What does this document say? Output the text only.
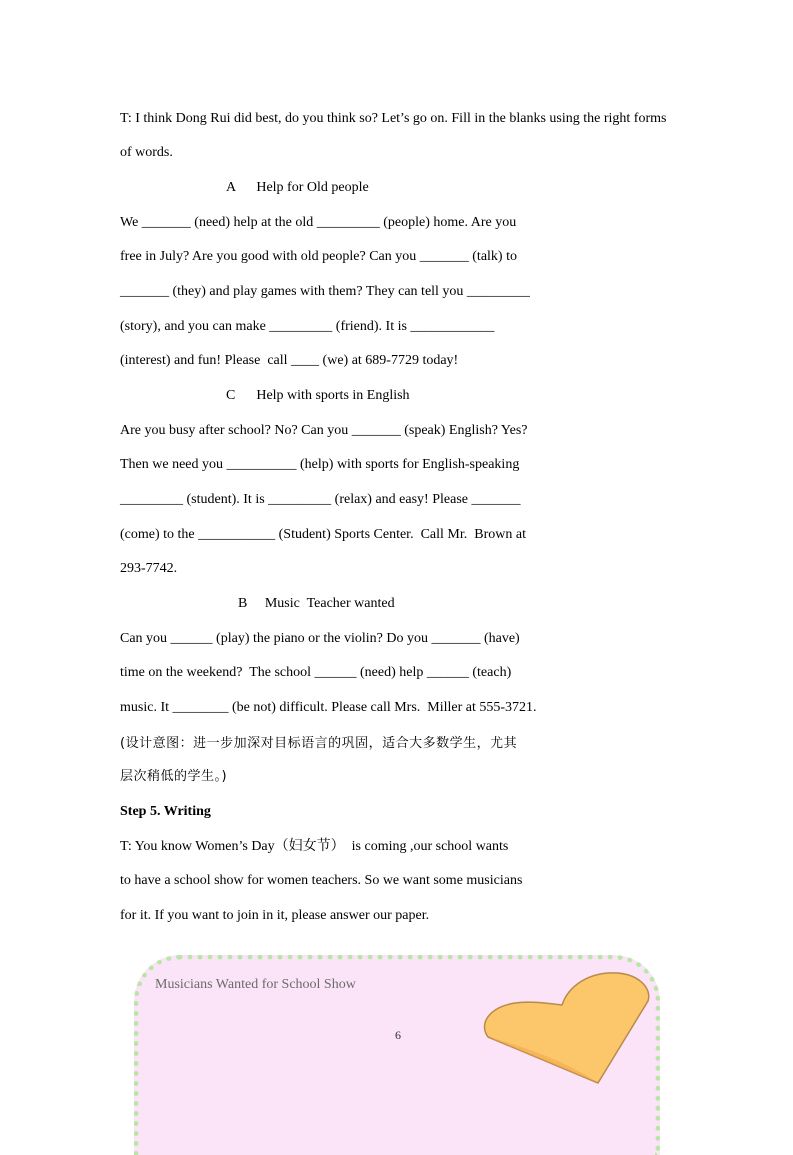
T: I think Dong Rui did best, do you think so? Let’s go on. Fill in the blanks using the right forms

of words.

A      Help for Old people

We _______ (need) help at the old _________ (people) home. Are you

free in July? Are you good with old people? Can you _______ (talk) to

_______ (they) and play games with them? They can tell you _________

(story), and you can make _________ (friend). It is ____________

(interest) and fun! Please  call ____ (we) at 689-7729 today!

C      Help with sports in English

Are you busy after school? No? Can you _______ (speak) English? Yes?

Then we need you __________ (help) with sports for English-speaking

_________ (student). It is _________ (relax) and easy! Please _______

(come) to the ___________ (Student) Sports Center.  Call Mr.  Brown at

293-7742.

B     Music  Teacher wanted

Can you ______ (play) the piano or the violin? Do you _______ (have)

time on the weekend?  The school ______ (need) help ______ (teach)

music. It ________ (be not) difficult. Please call Mrs.  Miller at 555-3721.

(设计意图：进一步加深对目标语言的巩固，适合大多数学生，尤其

层次稍低的学生。)

Step 5. Writing

T: You know Women’s Day（妇女节）  is coming ,our school wants

to have a school show for women teachers. So we want some musicians

for it. If you want to join in it, please answer our paper.

Musicians Wanted for School Show
6
